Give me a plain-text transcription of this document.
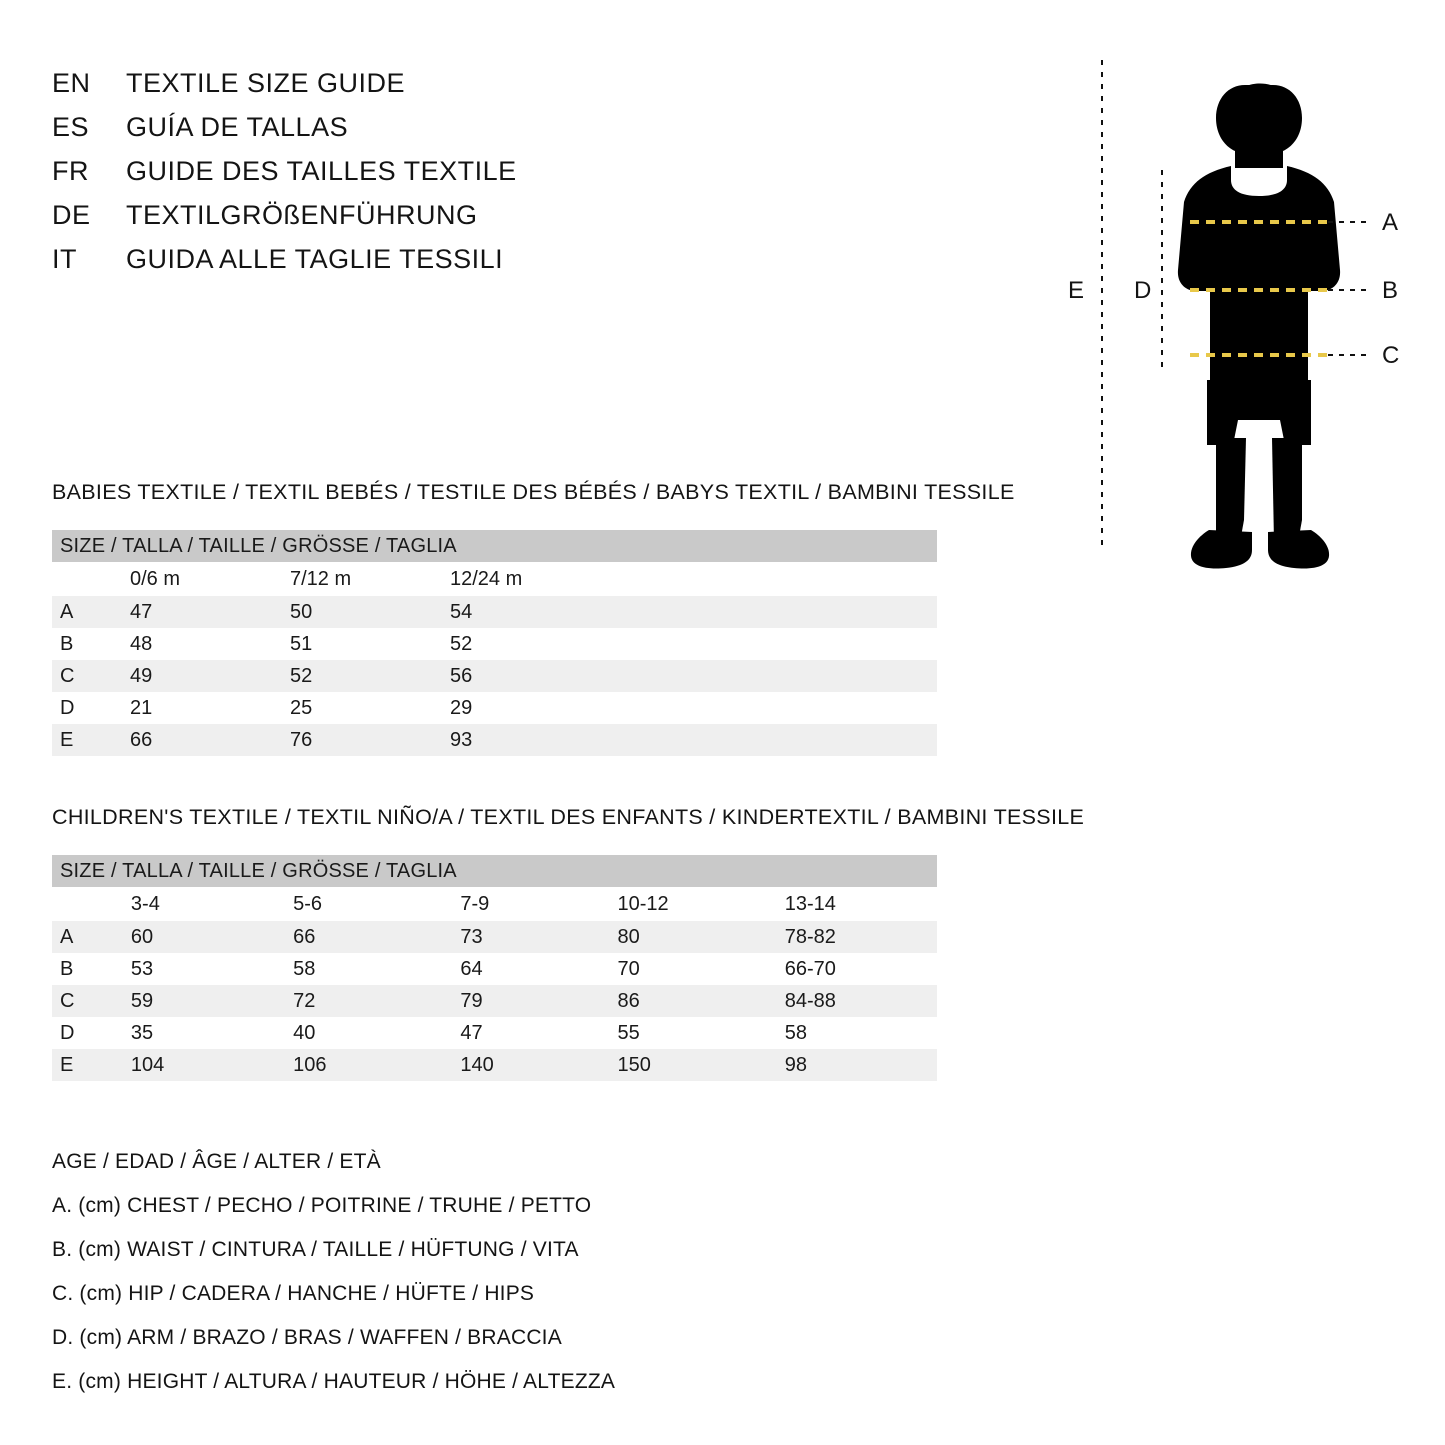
EN	TEXTILE SIZE GUIDE
ES	GUÍA DE TALLAS
FR	GUIDE DES TAILLES TEXTILE
DE	TEXTILGRÖßENFÜHRUNG
IT	GUIDA ALLE TAGLIE TESSILI
A
B
C
D
E
BABIES TEXTILE / TEXTIL BEBÉS / TESTILE DES BÉBÉS / BABYS TEXTIL / BAMBINI TESSILE
SIZE / TALLA / TAILLE / GRÖSSE / TAGLIA				

	0/6 m	7/12 m	12/24 m	

A	47	50	54	

B	48	51	52	

C	49	52	56	

D	21	25	29	

E	66	76	93	

CHILDREN'S TEXTILE / TEXTIL NIÑO/A / TEXTIL DES ENFANTS / KINDERTEXTIL / BAMBINI TESSILE
SIZE / TALLA / TAILLE / GRÖSSE / TAGLIA					

	3-4	5-6	7-9	10-12	13-14

A	60	66	73	80	78-82

B	53	58	64	70	66-70

C	59	72	79	86	84-88

D	35	40	47	55	58

E	104	106	140	150	98
AGE / EDAD / ÂGE / ALTER / ETÀ
A. (cm) CHEST / PECHO / POITRINE / TRUHE / PETTO
B. (cm) WAIST / CINTURA / TAILLE / HÜFTUNG / VITA
C. (cm) HIP / CADERA / HANCHE / HÜFTE / HIPS
D. (cm) ARM / BRAZO / BRAS / WAFFEN / BRACCIA
E. (cm) HEIGHT / ALTURA / HAUTEUR / HÖHE / ALTEZZA
